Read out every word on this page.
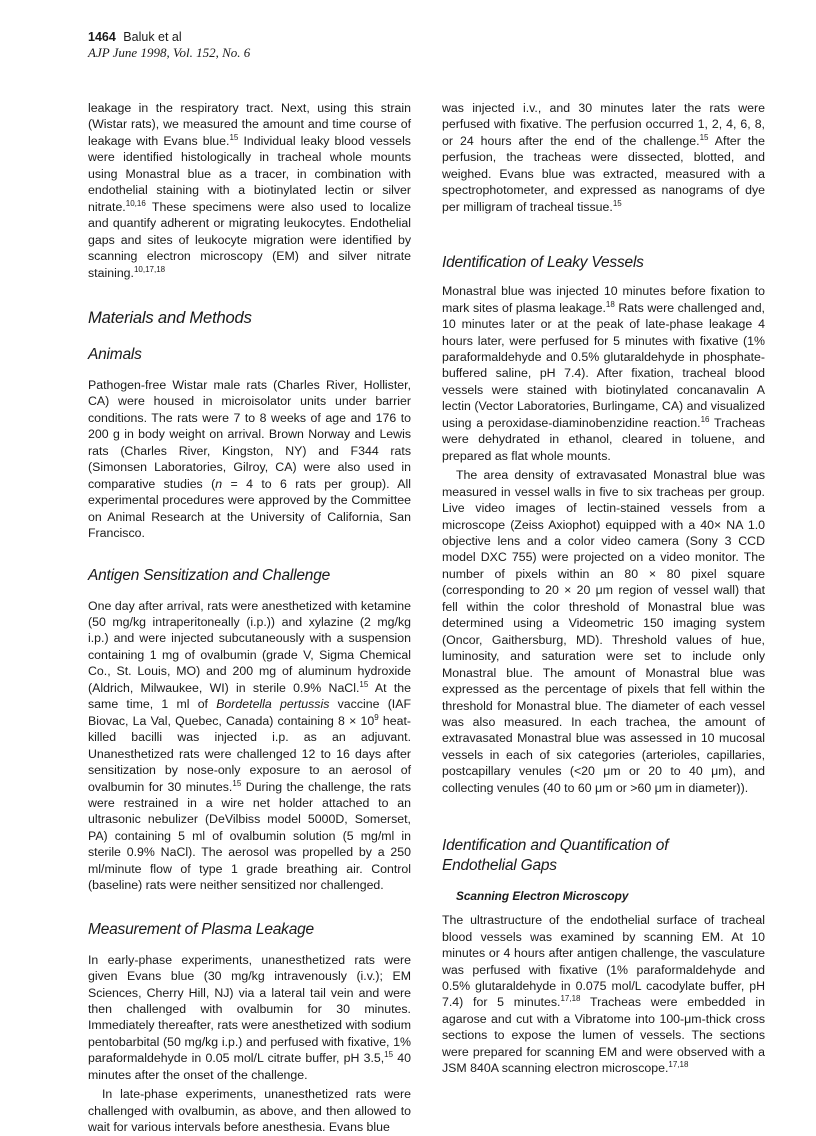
1464 Baluk et al
AJP June 1998, Vol. 152, No. 6

leakage in the respiratory tract. Next, using this strain (Wistar rats), we measured the amount and time course of leakage with Evans blue.$^{15}$ Individual leaky blood vessels were identified histologically in tracheal whole mounts using Monastral blue as a tracer, in combination with endothelial staining with a biotinylated lectin or silver nitrate.$^{10,16}$ These specimens were also used to localize and quantify adherent or migrating leukocytes. Endothelial gaps and sites of leukocyte migration were identified by scanning electron microscopy (EM) and silver nitrate staining.$^{10,17,18}$

Materials and Methods
Animals

Pathogen-free Wistar male rats (Charles River, Hollister, CA) were housed in microisolator units under barrier conditions. The rats were 7 to 8 weeks of age and 176 to 200 g in body weight on arrival. Brown Norway and Lewis rats (Charles River, Kingston, NY) and F344 rats (Simonsen Laboratories, Gilroy, CA) were also used in comparative studies (n = 4 to 6 rats per group). All experimental procedures were approved by the Committee on Animal Research at the University of California, San Francisco.

Antigen Sensitization and Challenge

One day after arrival, rats were anesthetized with ketamine (50 mg/kg intraperitoneally (i.p.)) and xylazine (2 mg/kg i.p.) and were injected subcutaneously with a suspension containing 1 mg of ovalbumin (grade V, Sigma Chemical Co., St. Louis, MO) and 200 mg of aluminum hydroxide (Aldrich, Milwaukee, WI) in sterile 0.9% NaCl.$^{15}$ At the same time, 1 ml of Bordetella pertussis vaccine (IAF Biovac, La Val, Quebec, Canada) containing $8 \times 10^9$ heat-killed bacilli was injected i.p. as an adjuvant. Unanesthetized rats were challenged 12 to 16 days after sensitization by nose-only exposure to an aerosol of ovalbumin for 30 minutes.$^{15}$ During the challenge, the rats were restrained in a wire net holder attached to an ultrasonic nebulizer (DeVilbiss model 5000D, Somerset, PA) containing 5 ml of ovalbumin solution (5 mg/ml in sterile 0.9% NaCl). The aerosol was propelled by a 250 ml/minute flow of type 1 grade breathing air. Control (baseline) rats were neither sensitized nor challenged.

Measurement of Plasma Leakage

In early-phase experiments, unanesthetized rats were given Evans blue (30 mg/kg intravenously (i.v.); EM Sciences, Cherry Hill, NJ) via a lateral tail vein and were then challenged with ovalbumin for 30 minutes. Immediately thereafter, rats were anesthetized with sodium pentobarbital (50 mg/kg i.p.) and perfused with fixative, 1% paraformaldehyde in 0.05 mol/L citrate buffer, pH 3.5,15 40 minutes after the onset of the challenge.

In late-phase experiments, unanesthetized rats were challenged with ovalbumin, as above, and then allowed to wait for various intervals before anesthesia. Evans blue

was injected i.v., and 30 minutes later the rats were perfused with fixative. The perfusion occurred 1, 2, 4, 6, 8, or 24 hours after the end of the challenge.$^{15}$ After the perfusion, the tracheas were dissected, blotted, and weighed. Evans blue was extracted, measured with a spectrophotometer, and expressed as nanograms of dye per milligram of tracheal tissue.$^{15}$

Identification of Leaky Vessels

Monastral blue was injected 10 minutes before fixation to mark sites of plasma leakage.$^{18}$ Rats were challenged and, 10 minutes later or at the peak of late-phase leakage 4 hours later, were perfused for 5 minutes with fixative (1% paraformaldehyde and 0.5% glutaraldehyde in phosphate-buffered saline, pH 7.4). After fixation, tracheal blood vessels were stained with biotinylated concanavalin A lectin (Vector Laboratories, Burlingame, CA) and visualized using a peroxidase-diaminobenzidine reaction.$^{16}$ Tracheas were dehydrated in ethanol, cleared in toluene, and prepared as flat whole mounts.

The area density of extravasated Monastral blue was measured in vessel walls in five to six tracheas per group. Live video images of lectin-stained vessels from a microscope (Zeiss Axiophot) equipped with a 40× NA 1.0 objective lens and a color video camera (Sony 3 CCD model DXC 755) were projected on a video monitor. The number of pixels within an 80 × 80 pixel square (corresponding to 20 × 20 μm region of vessel wall) that fell within the color threshold of Monastral blue was determined using a Videometric 150 imaging system (Oncor, Gaithersburg, MD). Threshold values of hue, luminosity, and saturation were set to include only Monastral blue. The amount of Monastral blue was expressed as the percentage of pixels that fell within the threshold for Monastral blue. The diameter of each vessel was also measured. In each trachea, the amount of extravasated Monastral blue was assessed in 10 mucosal vessels in each of six categories (arterioles, capillaries, postcapillary venules (<20 μm or 20 to 40 μm), and collecting venules (40 to 60 μm or >60 μm in diameter)).

Identification and Quantification of
Endothelial Gaps
Scanning Electron Microscopy

The ultrastructure of the endothelial surface of tracheal blood vessels was examined by scanning EM. At 10 minutes or 4 hours after antigen challenge, the vasculature was perfused with fixative (1% paraformaldehyde and 0.5% glutaraldehyde in 0.075 mol/L cacodylate buffer, pH 7.4) for 5 minutes.$^{17,18}$ Tracheas were embedded in agarose and cut with a Vibratome into 100-μm-thick cross sections to expose the lumen of vessels. The sections were prepared for scanning EM and were observed with a JSM 840A scanning electron microscope.$^{17,18}$
